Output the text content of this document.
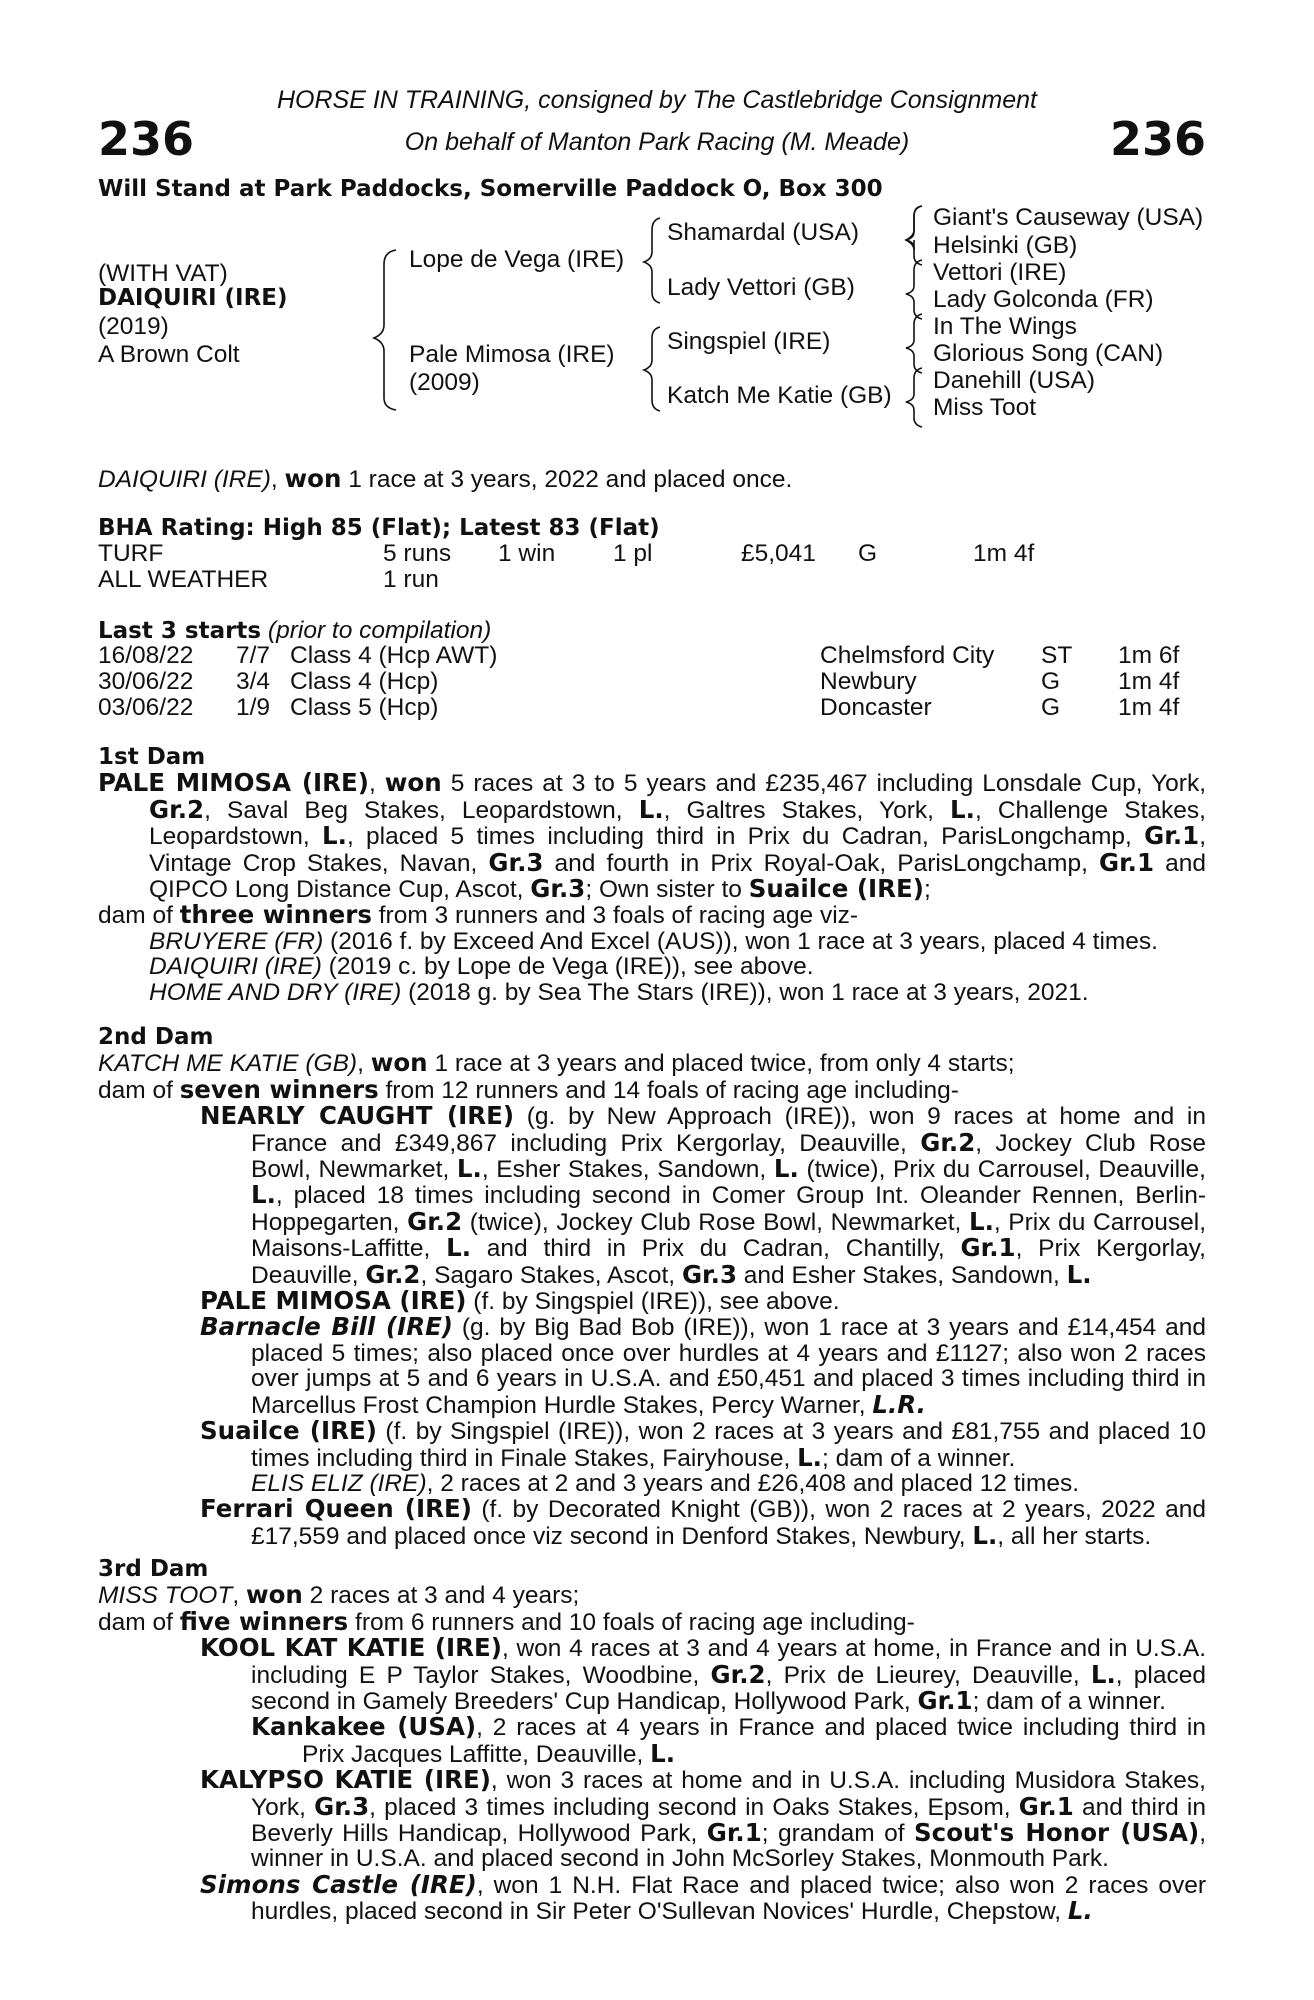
236	236
HORSE IN TRAINING, consigned by The Castlebridge Consignment
On behalf of Manton Park Racing (M. Meade)
Will Stand at Park Paddocks, Somerville Paddock O, Box 300
(WITH VAT)
DAIQUIRI (IRE)
(2019)
A Brown Colt
Lope de Vega (IRE)
Pale Mimosa (IRE)
(2009)
Shamardal (USA)
Lady Vettori (GB)
Singspiel (IRE)
Katch Me Katie (GB)
Giant's Causeway (USA)
Helsinki (GB)
Vettori (IRE)
Lady Golconda (FR)
In The Wings
Glorious Song (CAN)
Danehill (USA)
Miss Toot
DAIQUIRI (IRE), won 1 race at 3 years, 2022 and placed once.
BHA Rating: High 85 (Flat); Latest 83 (Flat)
TURF	5 runs 1 win 1 pl	£5,041 G	1m 4f
ALL WEATHER	1 run
Last 3 starts (prior to compilation)
16/08/22 7/7 Class 4 (Hcp AWT)	Chelmsford City ST 1m 6f
30/06/22 3/4 Class 4 (Hcp)	Newbury	G 1m 4f
03/06/22 1/9 Class 5 (Hcp)	Doncaster	G 1m 4f
1st Dam

PALE MIMOSA (IRE), won 5 races at 3 to 5 years and £235,467 including Lonsdale Cup, York, Gr.2, Saval Beg Stakes, Leopardstown, L., Galtres Stakes, York, L., Challenge Stakes, Leopardstown, L., placed 5 times including third in Prix du Cadran, ParisLongchamp, Gr.1, Vintage Crop Stakes, Navan, Gr.3 and fourth in Prix Royal-Oak, ParisLongchamp, Gr.1 and QIPCO Long Distance Cup, Ascot, Gr.3; Own sister to Suailce (IRE);

dam of three winners from 3 runners and 3 foals of racing age viz-

BRUYERE (FR) (2016 f. by Exceed And Excel (AUS)), won 1 race at 3 years, placed 4 times.

DAIQUIRI (IRE) (2019 c. by Lope de Vega (IRE)), see above.

HOME AND DRY (IRE) (2018 g. by Sea The Stars (IRE)), won 1 race at 3 years, 2021.

2nd Dam

KATCH ME KATIE (GB), won 1 race at 3 years and placed twice, from only 4 starts;

dam of seven winners from 12 runners and 14 foals of racing age including-

NEARLY CAUGHT (IRE) (g. by New Approach (IRE)), won 9 races at home and in France and £349,867 including Prix Kergorlay, Deauville, Gr.2, Jockey Club Rose Bowl, Newmarket, L., Esher Stakes, Sandown, L. (twice), Prix du Carrousel, Deauville, L., placed 18 times including second in Comer Group Int. Oleander Rennen, Berlin-Hoppegarten, Gr.2 (twice), Jockey Club Rose Bowl, Newmarket, L., Prix du Carrousel, Maisons-Laffitte, L. and third in Prix du Cadran, Chantilly, Gr.1, Prix Kergorlay, Deauville, Gr.2, Sagaro Stakes, Ascot, Gr.3 and Esher Stakes, Sandown, L.

PALE MIMOSA (IRE) (f. by Singspiel (IRE)), see above.

Barnacle Bill (IRE) (g. by Big Bad Bob (IRE)), won 1 race at 3 years and £14,454 and placed 5 times; also placed once over hurdles at 4 years and £1127; also won 2 races over jumps at 5 and 6 years in U.S.A. and £50,451 and placed 3 times including third in Marcellus Frost Champion Hurdle Stakes, Percy Warner, L.R.

Suailce (IRE) (f. by Singspiel (IRE)), won 2 races at 3 years and £81,755 and placed 10 times including third in Finale Stakes, Fairyhouse, L.; dam of a winner.

ELIS ELIZ (IRE), 2 races at 2 and 3 years and £26,408 and placed 12 times.

Ferrari Queen (IRE) (f. by Decorated Knight (GB)), won 2 races at 2 years, 2022 and £17,559 and placed once viz second in Denford Stakes, Newbury, L., all her starts.

3rd Dam

MISS TOOT, won 2 races at 3 and 4 years;

dam of five winners from 6 runners and 10 foals of racing age including-

KOOL KAT KATIE (IRE), won 4 races at 3 and 4 years at home, in France and in U.S.A. including E P Taylor Stakes, Woodbine, Gr.2, Prix de Lieurey, Deauville, L., placed second in Gamely Breeders' Cup Handicap, Hollywood Park, Gr.1; dam of a winner.

Kankakee (USA), 2 races at 4 years in France and placed twice including third in Prix Jacques Laffitte, Deauville, L.

KALYPSO KATIE (IRE), won 3 races at home and in U.S.A. including Musidora Stakes, York, Gr.3, placed 3 times including second in Oaks Stakes, Epsom, Gr.1 and third in Beverly Hills Handicap, Hollywood Park, Gr.1; grandam of Scout's Honor (USA), winner in U.S.A. and placed second in John McSorley Stakes, Monmouth Park.

Simons Castle (IRE), won 1 N.H. Flat Race and placed twice; also won 2 races over hurdles, placed second in Sir Peter O'Sullevan Novices' Hurdle, Chepstow, L.
